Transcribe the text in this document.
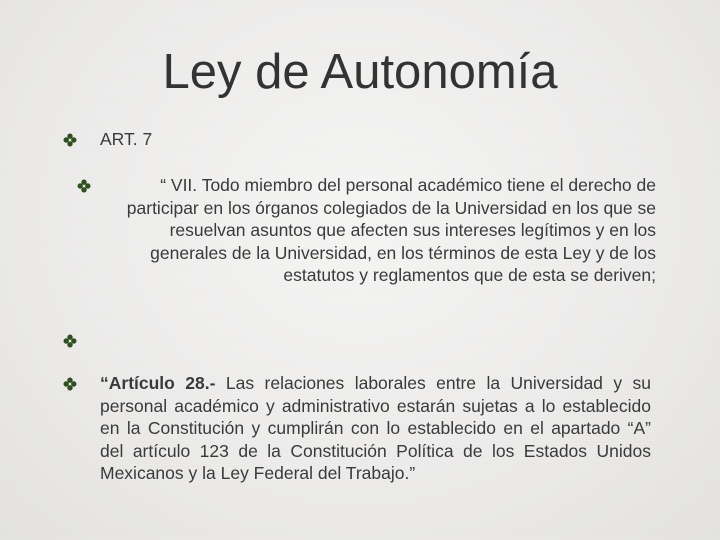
Ley de Autonomía
ART. 7
“ VII. Todo miembro del personal académico tiene el derecho de participar en los órganos colegiados de la Universidad en los que se resuelvan asuntos que afecten sus intereses legítimos y en los generales de la Universidad, en los términos de esta Ley y de los estatutos y reglamentos que de esta se deriven;
“Artículo 28.- Las relaciones laborales entre la Universidad y su personal académico y administrativo estarán sujetas a lo establecido en la Constitución y cumplirán con lo establecido en el apartado “A” del artículo 123 de la Constitución Política de los Estados Unidos Mexicanos y la Ley Federal del Trabajo.”
